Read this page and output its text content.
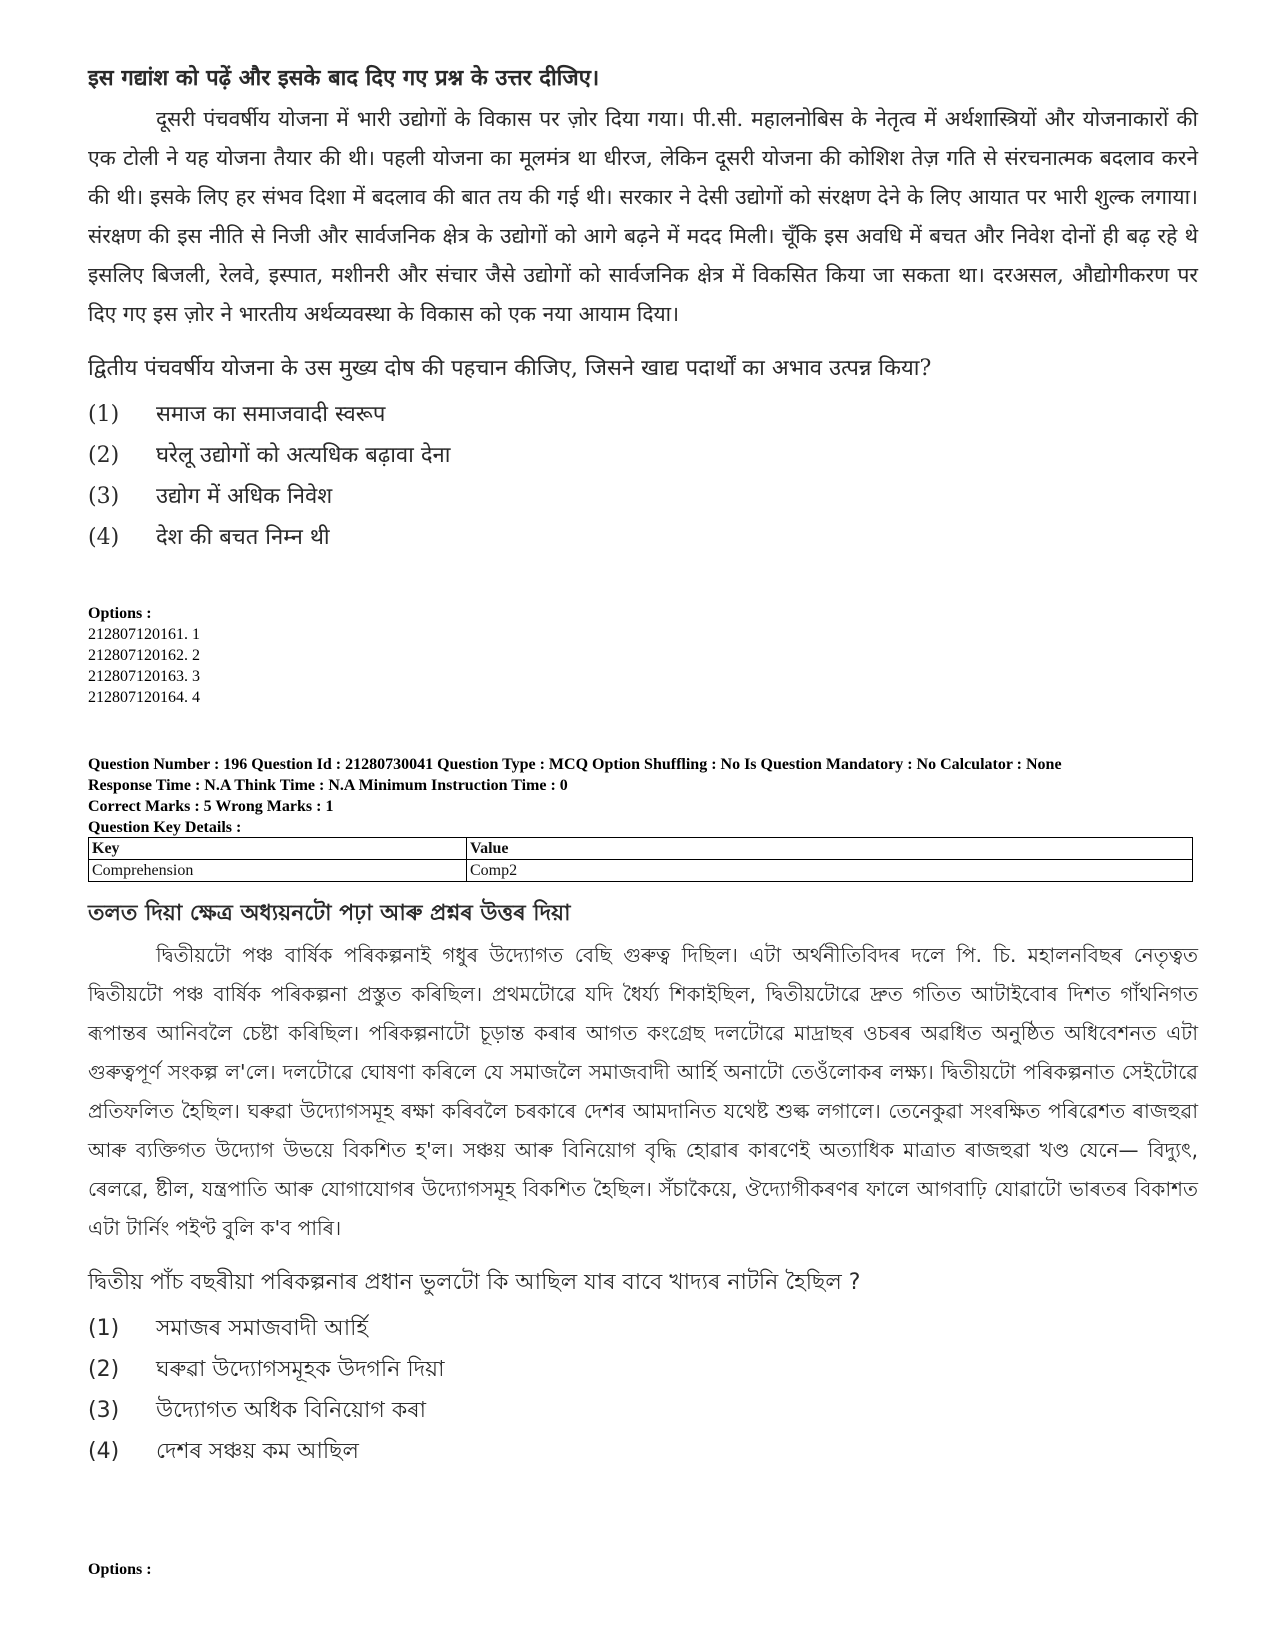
इस गद्यांश को पढ़ें और इसके बाद दिए गए प्रश्न के उत्तर दीजिए।

दूसरी पंचवर्षीय योजना में भारी उद्योगों के विकास पर ज़ोर दिया गया। पी.सी. महालनोबिस के नेतृत्व में अर्थशास्त्रियों और योजनाकारों की एक टोली ने यह योजना तैयार की थी। पहली योजना का मूलमंत्र था धीरज, लेकिन दूसरी योजना की कोशिश तेज़ गति से संरचनात्मक बदलाव करने की थी। इसके लिए हर संभव दिशा में बदलाव की बात तय की गई थी। सरकार ने देसी उद्योगों को संरक्षण देने के लिए आयात पर भारी शुल्क लगाया। संरक्षण की इस नीति से निजी और सार्वजनिक क्षेत्र के उद्योगों को आगे बढ़ने में मदद मिली। चूँकि इस अवधि में बचत और निवेश दोनों ही बढ़ रहे थे इसलिए बिजली, रेलवे, इस्पात, मशीनरी और संचार जैसे उद्योगों को सार्वजनिक क्षेत्र में विकसित किया जा सकता था। दरअसल, औद्योगीकरण पर दिए गए इस ज़ोर ने भारतीय अर्थव्यवस्था के विकास को एक नया आयाम दिया।

द्वितीय पंचवर्षीय योजना के उस मुख्य दोष की पहचान कीजिए, जिसने खाद्य पदार्थों का अभाव उत्पन्न किया?
(1)	समाज का समाजवादी स्वरूप
(2)	घरेलू उद्योगों को अत्यधिक बढ़ावा देना
(3)	उद्योग में अधिक निवेश
(4)	देश की बचत निम्न थी
Options :
212807120161. 1
212807120162. 2
212807120163. 3
212807120164. 4
Question Number : 196 Question Id : 21280730041 Question Type : MCQ Option Shuffling : No Is Question Mandatory : No Calculator : None
Response Time : N.A Think Time : N.A Minimum Instruction Time : 0
Correct Marks : 5 Wrong Marks : 1
Question Key Details :
Key	Value
Comprehension	Comp2
তলত দিয়া ক্ষেত্র অধ্যয়নটো পঢ়া আৰু প্ৰশ্নৰ উত্তৰ দিয়া

দ্বিতীয়টো পঞ্চ বাৰ্ষিক পৰিকল্পনাই গধুৰ উদ্যোগত বেছি গুৰুত্ব দিছিল। এটা অৰ্থনীতিবিদৰ দলে পি. চি. মহালনবিছৰ নেতৃত্বত দ্বিতীয়টো পঞ্চ বাৰ্ষিক পৰিকল্পনা প্ৰস্তুত কৰিছিল। প্ৰথমটোৱে যদি ধৈৰ্য্য শিকাইছিল, দ্বিতীয়টোৱে দ্ৰুত গতিত আটাইবোৰ দিশত গাঁথনিগত ৰূপান্তৰ আনিবলৈ চেষ্টা কৰিছিল। পৰিকল্পনাটো চূড়ান্ত কৰাৰ আগত কংগ্ৰেছ দলটোৱে মাদ্ৰাছৰ ওচৰৰ অৱধিত অনুষ্ঠিত অধিবেশনত এটা গুৰুত্বপূৰ্ণ সংকল্প ল'লে। দলটোৱে ঘোষণা কৰিলে যে সমাজলৈ সমাজবাদী আৰ্হি অনাটো তেওঁলোকৰ লক্ষ্য। দ্বিতীয়টো পৰিকল্পনাত সেইটোৱে প্ৰতিফলিত হৈছিল। ঘৰুৱা উদ্যোগসমূহ ৰক্ষা কৰিবলৈ চৰকাৰে দেশৰ আমদানিত যথেষ্ট শুল্ক লগালে। তেনেকুৱা সংৰক্ষিত পৰিৱেশত ৰাজহুৱা আৰু ব্যক্তিগত উদ্যোগ উভয়ে বিকশিত হ'ল। সঞ্চয় আৰু বিনিয়োগ বৃদ্ধি হোৱাৰ কাৰণেই অত্যাধিক মাত্ৰাত ৰাজহুৱা খণ্ড যেনে— বিদ্যুৎ, ৰেলৱে, ষ্টীল, যন্ত্ৰপাতি আৰু যোগাযোগৰ উদ্যোগসমূহ বিকশিত হৈছিল। সঁচাকৈয়ে, ঔদ্যোগীকৰণৰ ফালে আগবাঢ়ি যোৱাটো ভাৰতৰ বিকাশত এটা টাৰ্নিং পইণ্ট বুলি ক'ব পাৰি।

দ্বিতীয় পাঁচ বছৰীয়া পৰিকল্পনাৰ প্ৰধান ভুলটো কি আছিল যাৰ বাবে খাদ্যৰ নাটনি হৈছিল ?
(1)	সমাজৰ সমাজবাদী আৰ্হি
(2)	ঘৰুৱা উদ্যোগসমূহক উদগনি দিয়া
(3)	উদ্যোগত অধিক বিনিয়োগ কৰা
(4)	দেশৰ সঞ্চয় কম আছিল
Options :
